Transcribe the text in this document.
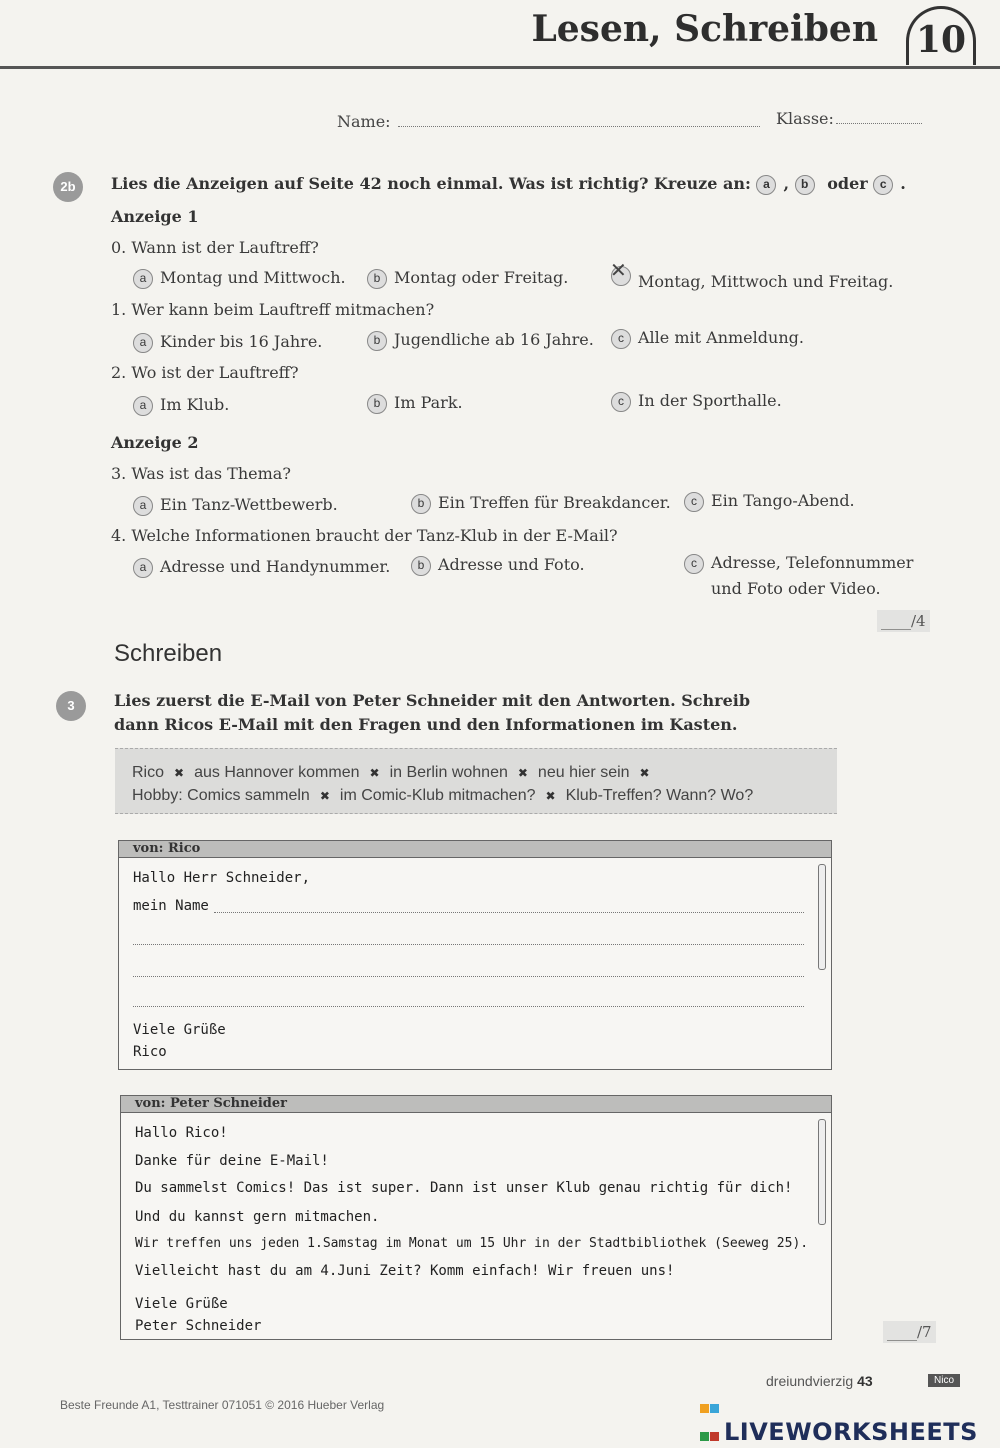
Lesen, Schreiben 10
Name:	Klasse:
2b	Lies die Anzeigen auf Seite 42 noch einmal. Was ist richtig? Kreuze an: a , b oder c .
Anzeige 1
0. Wann ist der Lauftreff?
a Montag und Mittwoch.	b Montag oder Freitag.
✕	Montag, Mittwoch und Freitag.
1. Wer kann beim Lauftreff mitmachen?
a Kinder bis 16 Jahre.	b Jugendliche ab 16 Jahre.	c Alle mit Anmeldung.
2. Wo ist der Lauftreff?
a Im Klub.	b Im Park.	c In der Sporthalle.
Anzeige 2
3. Was ist das Thema?
a Ein Tanz-Wettbewerb.	b Ein Treffen für Breakdancer.	c Ein Tango-Abend.
4. Welche Informationen braucht der Tanz-Klub in der E-Mail?
a Adresse und Handynummer.	b Adresse und Foto.	c Adresse, Telefonnummer
und Foto oder Video.
____/4
Schreiben
3	Lies zuerst die E-Mail von Peter Schneider mit den Antworten. Schreib
dann Ricos E-Mail mit den Fragen und den Informationen im Kasten.
Rico ✖ aus Hannover kommen ✖ in Berlin wohnen ✖ neu hier sein ✖
Hobby: Comics sammeln ✖ im Comic-Klub mitmachen? ✖ Klub-Treffen? Wann? Wo?
von: Rico
Hallo Herr Schneider,
mein Name
Viele Grüße
Rico
von: Peter Schneider
Hallo Rico!
Danke für deine E-Mail!
Du sammelst Comics! Das ist super. Dann ist unser Klub genau richtig für dich!
Und du kannst gern mitmachen.
Wir treffen uns jeden 1.Samstag im Monat um 15 Uhr in der Stadtbibliothek (Seeweg 25).
Vielleicht hast du am 4.Juni Zeit? Komm einfach! Wir freuen uns!
Viele Grüße
Peter Schneider	____/7
dreiundvierzig 43	Nico
Beste Freunde A1, Testtrainer 071051 © 2016 Hueber Verlag
LIVEWORKSHEETS
